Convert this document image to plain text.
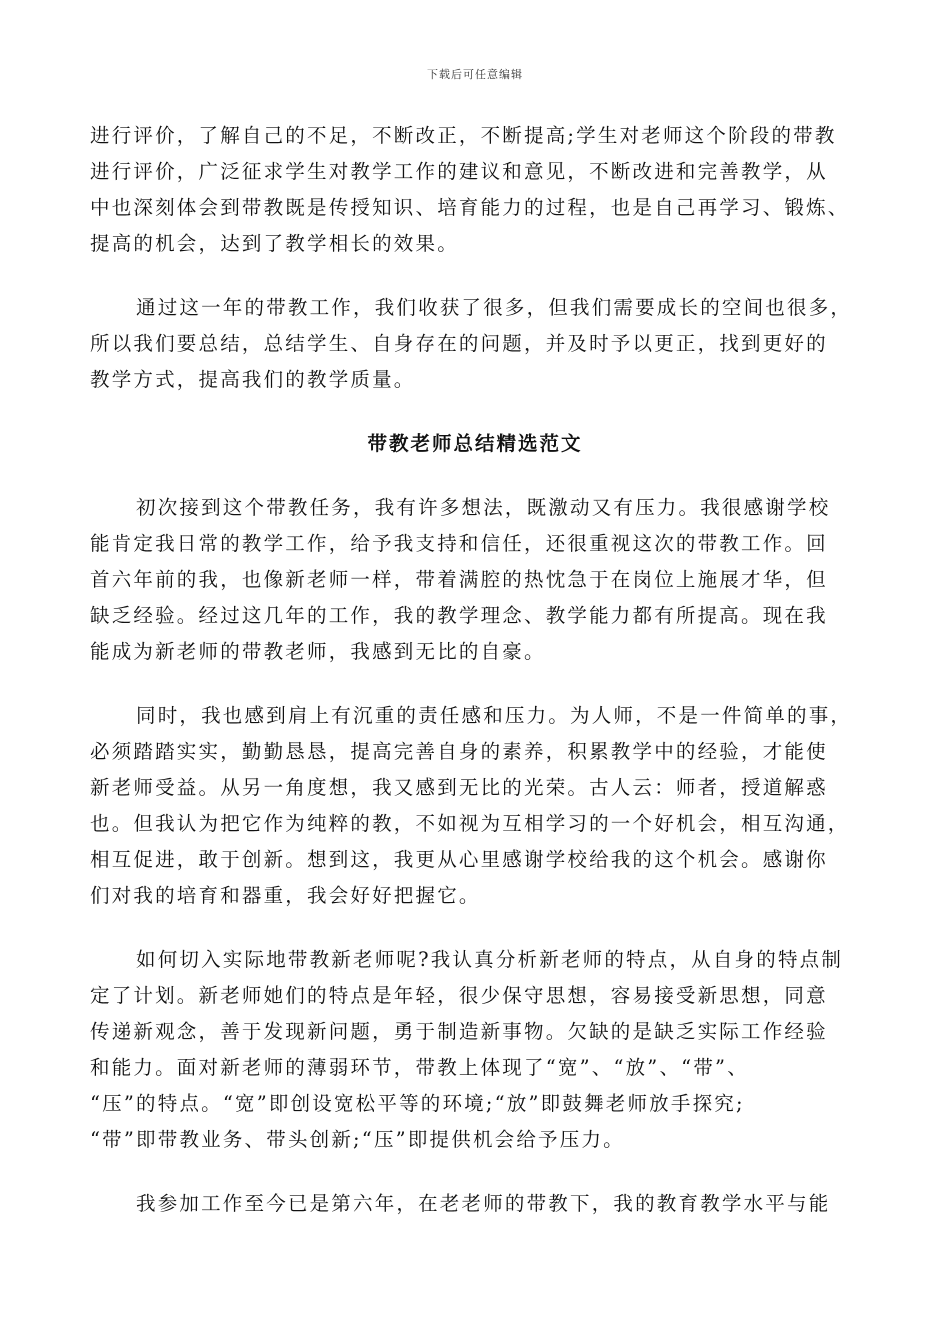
下载后可任意编辑
进行评价，了解自己的不足，不断改正，不断提高;学生对老师这个阶段的带教
进行评价，广泛征求学生对教学工作的建议和意见，不断改进和完善教学，从
中也深刻体会到带教既是传授知识、培育能力的过程，也是自己再学习、锻炼、
提高的机会，达到了教学相长的效果。
通过这一年的带教工作，我们收获了很多，但我们需要成长的空间也很多，
所以我们要总结，总结学生、自身存在的问题，并及时予以更正，找到更好的
教学方式，提高我们的教学质量。
带教老师总结精选范文
初次接到这个带教任务，我有许多想法，既激动又有压力。我很感谢学校
能肯定我日常的教学工作，给予我支持和信任，还很重视这次的带教工作。回
首六年前的我，也像新老师一样，带着满腔的热忱急于在岗位上施展才华，但
缺乏经验。经过这几年的工作，我的教学理念、教学能力都有所提高。现在我
能成为新老师的带教老师，我感到无比的自豪。
同时，我也感到肩上有沉重的责任感和压力。为人师，不是一件简单的事，
必须踏踏实实，勤勤恳恳，提高完善自身的素养，积累教学中的经验，才能使
新老师受益。从另一角度想，我又感到无比的光荣。古人云：师者，授道解惑
也。但我认为把它作为纯粹的教，不如视为互相学习的一个好机会，相互沟通，
相互促进，敢于创新。想到这，我更从心里感谢学校给我的这个机会。感谢你
们对我的培育和器重，我会好好把握它。
如何切入实际地带教新老师呢?我认真分析新老师的特点，从自身的特点制
定了计划。新老师她们的特点是年轻，很少保守思想，容易接受新思想，同意
传递新观念，善于发现新问题，勇于制造新事物。欠缺的是缺乏实际工作经验
和能力。面对新老师的薄弱环节，带教上体现了“宽”、“放”、“带”、
“压”的特点。“宽”即创设宽松平等的环境;“放”即鼓舞老师放手探究;
“带”即带教业务、带头创新;“压”即提供机会给予压力。
我参加工作至今已是第六年，在老老师的带教下，我的教育教学水平与能
